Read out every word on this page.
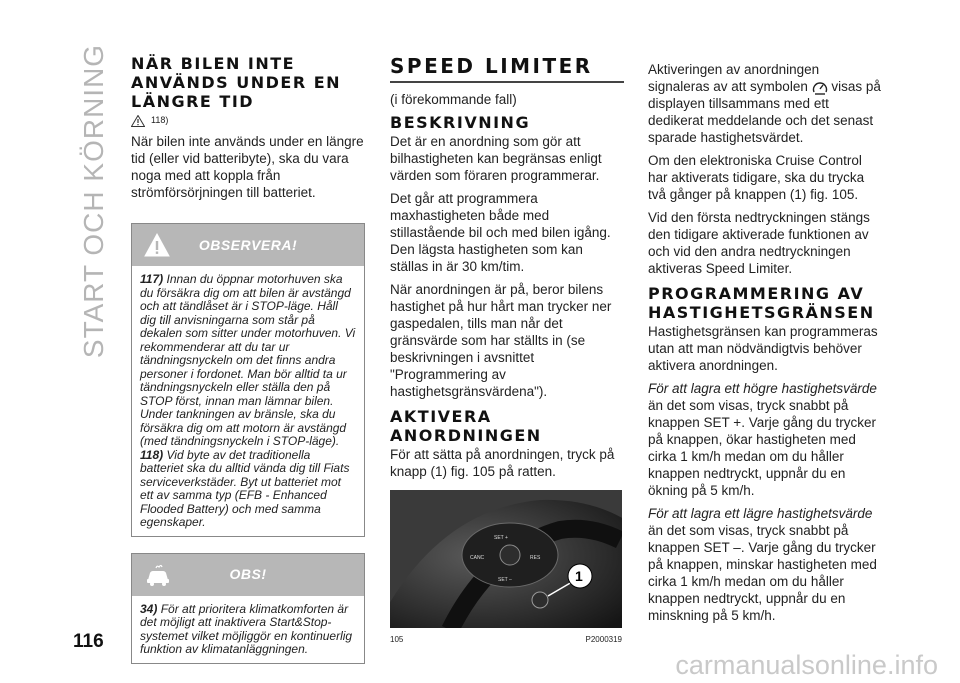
START OCH KÖRNING NÄR BILEN INTE
ANVÄNDS UNDER EN
LÄNGRE TID
118)

När bilen inte används under en längre tid (eller vid batteribyte), ska du vara noga med att koppla från strömförsörjningen till batteriet.

OBSERVERA!
117) Innan du öppnar motorhuven ska du försäkra dig om att bilen är avstängd och att tändlåset är i STOP-läge. Håll dig till anvisningarna som står på dekalen som sitter under motorhuven. Vi rekommenderar att du tar ur tändningsnyckeln om det finns andra personer i fordonet. Man bör alltid ta ur tändningsnyckeln eller ställa den på STOP först, innan man lämnar bilen. Under tankningen av bränsle, ska du försäkra dig om att motorn är avstängd (med tändningsnyckeln i STOP-läge).
118) Vid byte av det traditionella batteriet ska du alltid vända dig till Fiats serviceverkstäder. Byt ut batteriet mot ett av samma typ (EFB - Enhanced Flooded Battery) och med samma egenskaper.
OBS!
34) För att prioritera klimatkomforten är det möjligt att inaktivera Start&Stop-systemet vilket möjliggör en kontinuerlig funktion av klimatanläggningen.
SPEED LIMITER

(i förekommande fall)

BESKRIVNING

Det är en anordning som gör att bilhastigheten kan begränsas enligt värden som föraren programmerar.

Det går att programmera maxhastigheten både med stillastående bil och med bilen igång. Den lägsta hastigheten som kan ställas in är 30 km/tim.

När anordningen är på, beror bilens hastighet på hur hårt man trycker ner gaspedalen, tills man når det gränsvärde som har ställts in (se beskrivningen i avsnittet "Programmering av hastighetsgränsvärdena").

AKTIVERA
ANORDNINGEN

För att sätta på anordningen, tryck på knapp (1) fig. 105 på ratten.

SET +
CANC	RES
SET –	1
105	P2000319

Aktiveringen av anordningen signaleras av att symbolen visas på displayen tillsammans med ett dedikerat meddelande och det senast sparade hastighetsvärdet.

Om den elektroniska Cruise Control har aktiverats tidigare, ska du trycka två gånger på knappen (1) fig. 105.

Vid den första nedtryckningen stängs den tidigare aktiverade funktionen av och vid den andra nedtryckningen aktiveras Speed Limiter.

PROGRAMMERING AV
HASTIGHETSGRÄNSEN

Hastighetsgränsen kan programmeras utan att man nödvändigtvis behöver aktivera anordningen.

För att lagra ett högre hastighetsvärde

än det som visas, tryck snabbt på knappen SET +. Varje gång du trycker på knappen, ökar hastigheten med cirka 1 km/h medan om du håller knappen nedtryckt, uppnår du en ökning på 5 km/h.

För att lagra ett lägre hastighetsvärde

än det som visas, tryck snabbt på knappen SET –. Varje gång du trycker på knappen, minskar hastigheten med cirka 1 km/h medan om du håller knappen nedtryckt, uppnår du en minskning på 5 km/h.

116
carmanualsonline.info
